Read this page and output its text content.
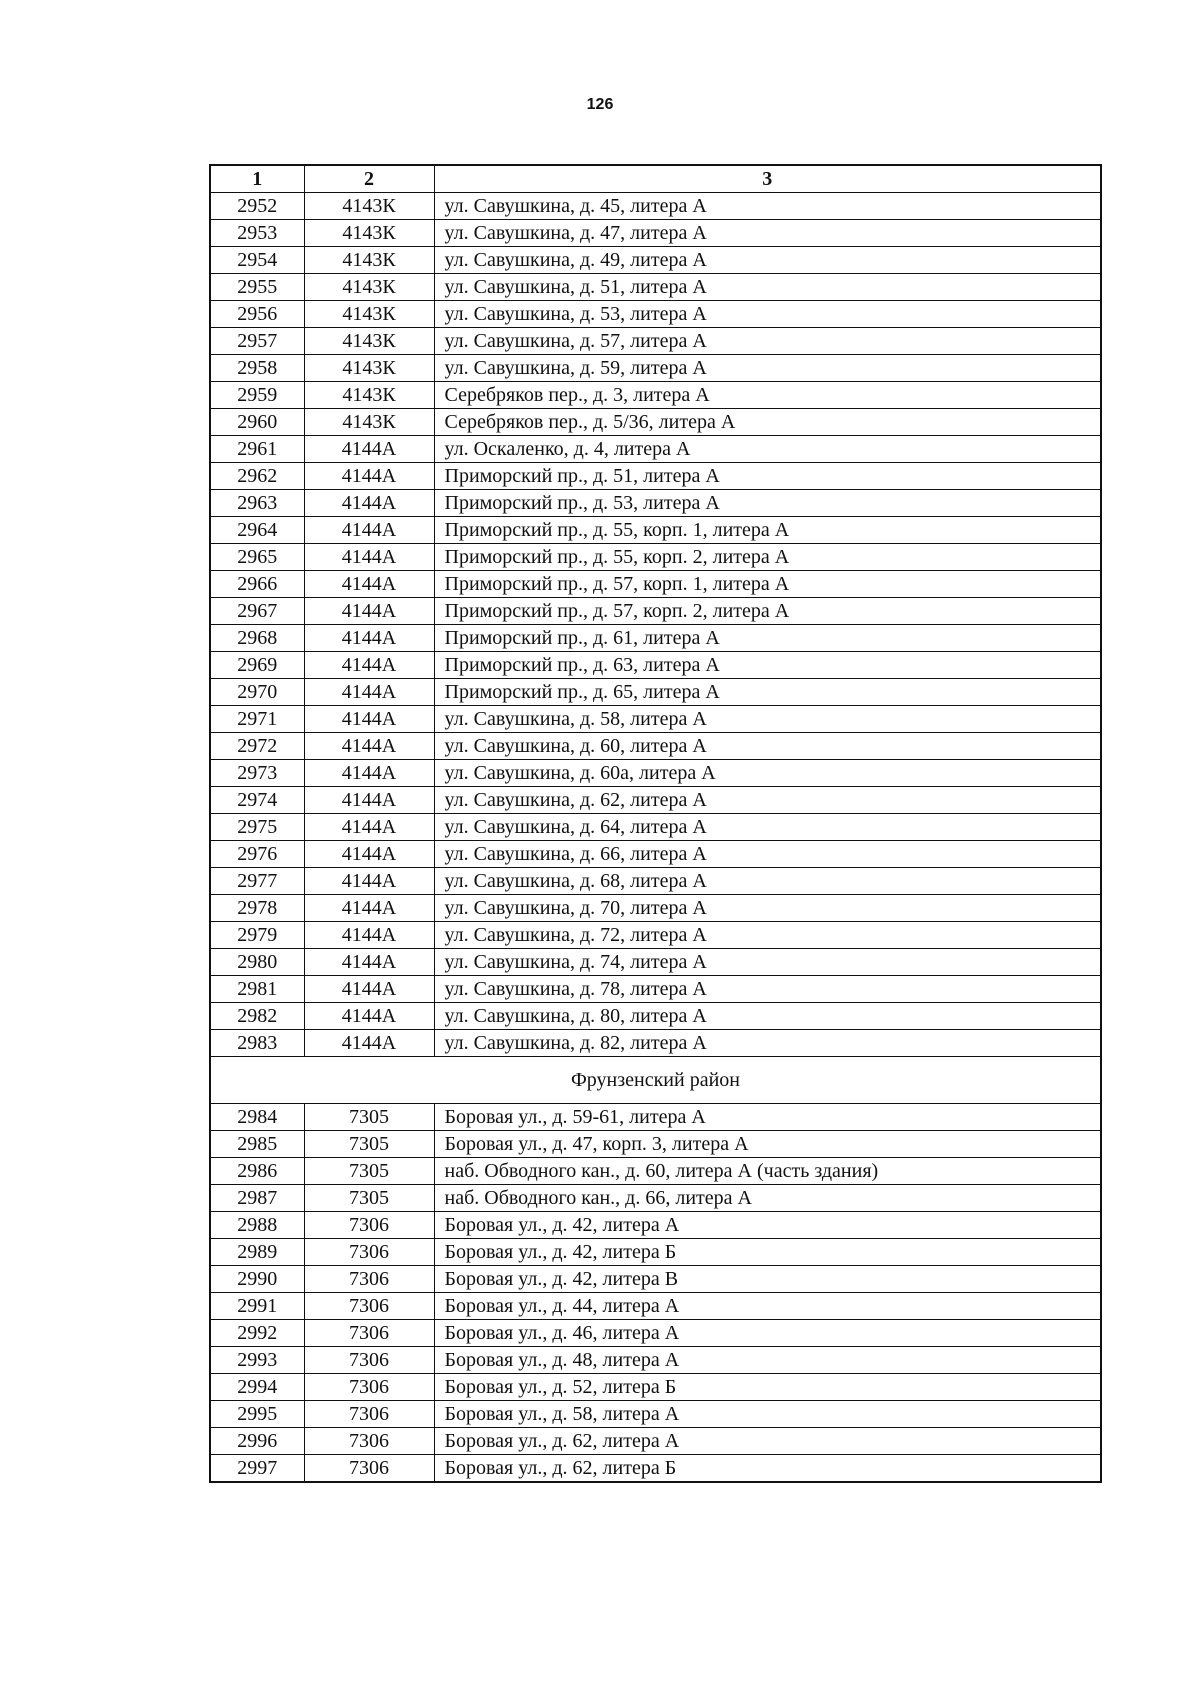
126
1	2	3
2952	4143К	ул. Савушкина, д. 45, литера А
2953	4143К	ул. Савушкина, д. 47, литера А
2954	4143К	ул. Савушкина, д. 49, литера А
2955	4143К	ул. Савушкина, д. 51, литера А
2956	4143К	ул. Савушкина, д. 53, литера А
2957	4143К	ул. Савушкина, д. 57, литера А
2958	4143К	ул. Савушкина, д. 59, литера А
2959	4143К	Серебряков пер., д. 3, литера А
2960	4143К	Серебряков пер., д. 5/36, литера А
2961	4144А	ул. Оскаленко, д. 4, литера А
2962	4144А	Приморский пр., д. 51, литера А
2963	4144А	Приморский пр., д. 53, литера А
2964	4144А	Приморский пр., д. 55, корп. 1, литера А
2965	4144А	Приморский пр., д. 55, корп. 2, литера А
2966	4144А	Приморский пр., д. 57, корп. 1, литера А
2967	4144А	Приморский пр., д. 57, корп. 2, литера А
2968	4144А	Приморский пр., д. 61, литера А
2969	4144А	Приморский пр., д. 63, литера А
2970	4144А	Приморский пр., д. 65, литера А
2971	4144А	ул. Савушкина, д. 58, литера А
2972	4144А	ул. Савушкина, д. 60, литера А
2973	4144А	ул. Савушкина, д. 60а, литера А
2974	4144А	ул. Савушкина, д. 62, литера А
2975	4144А	ул. Савушкина, д. 64, литера А
2976	4144А	ул. Савушкина, д. 66, литера А
2977	4144А	ул. Савушкина, д. 68, литера А
2978	4144А	ул. Савушкина, д. 70, литера А
2979	4144А	ул. Савушкина, д. 72, литера А
2980	4144А	ул. Савушкина, д. 74, литера А
2981	4144А	ул. Савушкина, д. 78, литера А
2982	4144А	ул. Савушкина, д. 80, литера А
2983	4144А	ул. Савушкина, д. 82, литера А
Фрунзенский район		
2984	7305	Боровая ул., д. 59-61, литера А
2985	7305	Боровая ул., д. 47, корп. 3, литера А
2986	7305	наб. Обводного кан., д. 60, литера А (часть здания)
2987	7305	наб. Обводного кан., д. 66, литера А
2988	7306	Боровая ул., д. 42, литера А
2989	7306	Боровая ул., д. 42, литера Б
2990	7306	Боровая ул., д. 42, литера В
2991	7306	Боровая ул., д. 44, литера А
2992	7306	Боровая ул., д. 46, литера А
2993	7306	Боровая ул., д. 48, литера А
2994	7306	Боровая ул., д. 52, литера Б
2995	7306	Боровая ул., д. 58, литера А
2996	7306	Боровая ул., д. 62, литера А
2997	7306	Боровая ул., д. 62, литера Б
